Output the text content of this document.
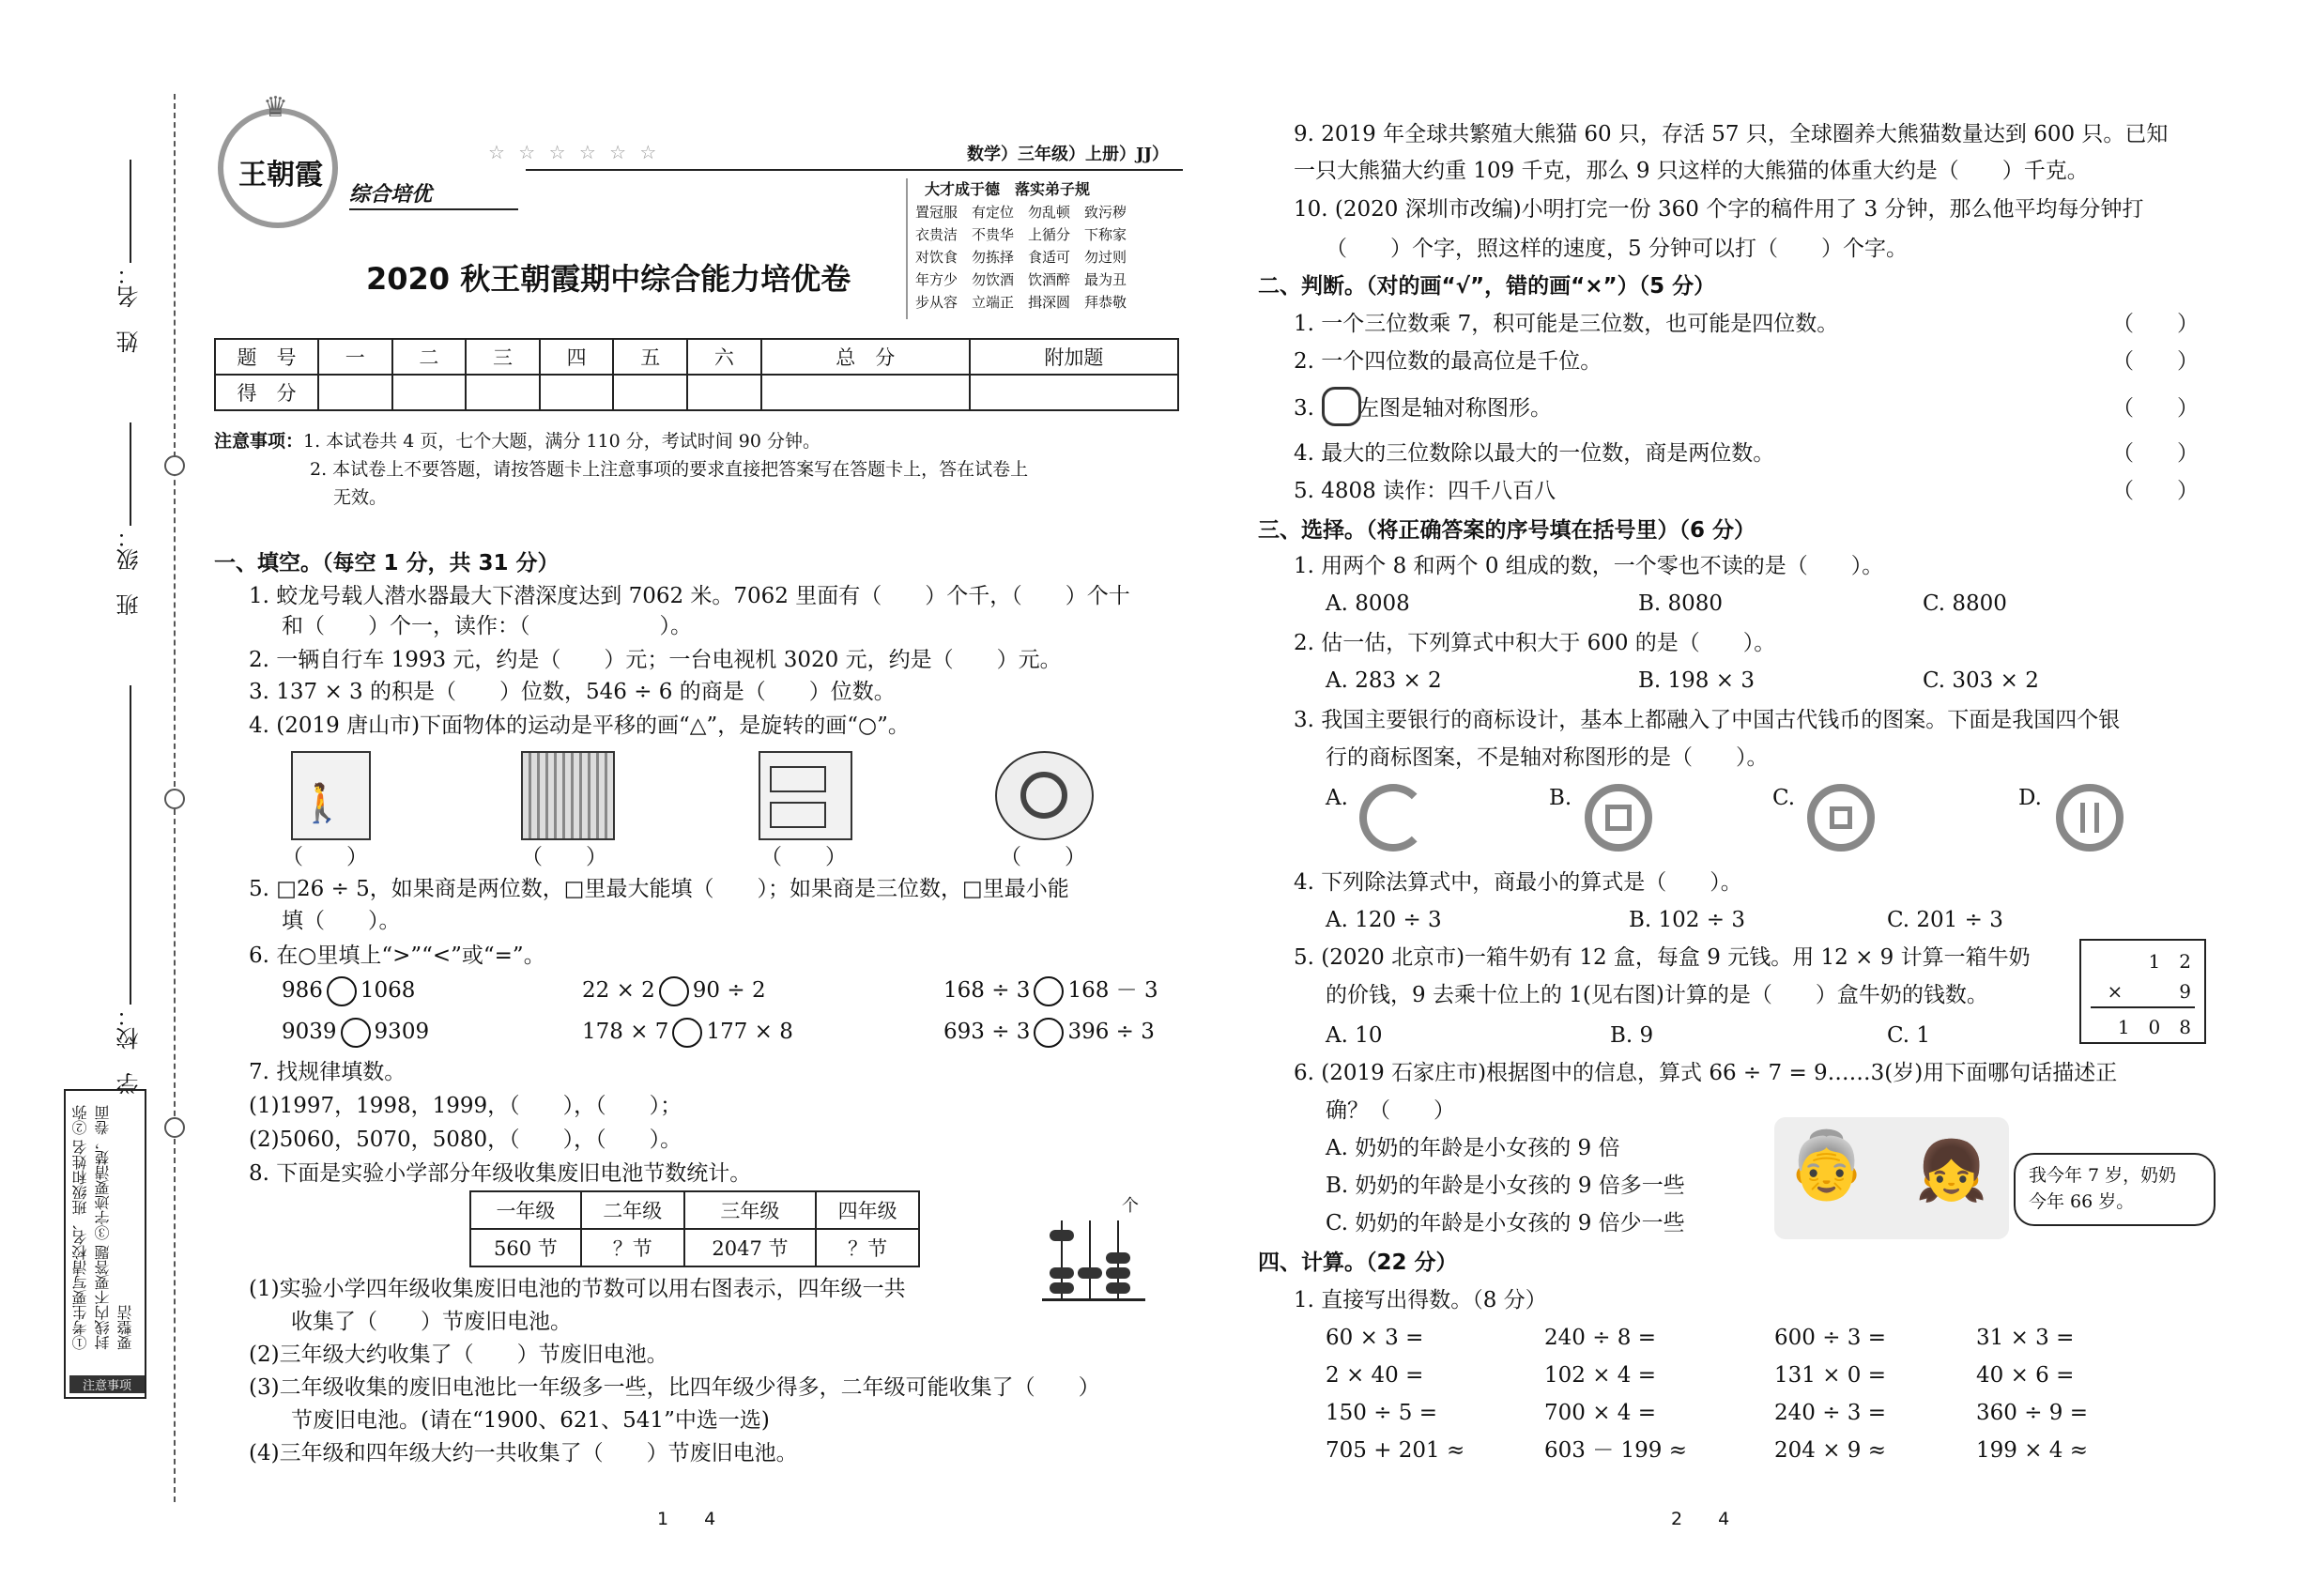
姓　名：
班　级：
学　校：
①考生要写清校名、班级和姓名 ②弥封线内不要答题 ③字迹要清楚，卷面要整洁
注意事项
♛
王朝霞
综合培优
☆ ☆ ☆ ☆ ☆ ☆	数学）三年级）上册）JJ）
2020 秋王朝霞期中综合能力培优卷
大才成于德　落实弟子规
置冠服　有定位　勿乱顿　致污秽
衣贵洁　不贵华　上循分　下称家
对饮食　勿拣择　食适可　勿过则
年方少　勿饮酒　饮酒醉　最为丑
步从容　立端正　揖深圆　拜恭敬
题　号	一	二	三	四	五	六	总　分	附加题
得　分								
注意事项：1. 本试卷共 4 页，七个大题，满分 110 分，考试时间 90 分钟。
2. 本试卷上不要答题，请按答题卡上注意事项的要求直接把答案写在答题卡上，答在试卷上
无效。
一、填空。（每空 1 分，共 31 分）
1. 蛟龙号载人潜水器最大下潜深度达到 7062 米。7062 里面有（　　）个千，（　　）个十
和（　　）个一，读作：（　　　　　　）。
2. 一辆自行车 1993 元，约是（　　）元；一台电视机 3020 元，约是（　　）元。
3. 137 × 3 的积是（　　）位数，546 ÷ 6 的商是（　　）位数。
4. (2019 唐山市)下面物体的运动是平移的画“△”，是旋转的画“○”。
🚶
（　　）	（　　）	（　　）	（　　）
5. □26 ÷ 5，如果商是两位数，□里最大能填（　　）；如果商是三位数，□里最小能
填（　　）。
6. 在○里填上“>”“<”或“=”。
986 1068	22 × 2 90 ÷ 2	168 ÷ 3 168 － 3
9039 9309	178 × 7 177 × 8	693 ÷ 3 396 ÷ 3
7. 找规律填数。
(1)1997，1998，1999，（　　），（　　）；
(2)5060，5070，5080，（　　），（　　）。
8. 下面是实验小学部分年级收集废旧电池节数统计。
一年级	二年级	三年级	四年级
560 节	？节	2047 节	？节
个
(1)实验小学四年级收集废旧电池的节数可以用右图表示，四年级一共
收集了（　　）节废旧电池。
(2)三年级大约收集了（　　）节废旧电池。
(3)二年级收集的废旧电池比一年级多一些，比四年级少得多，二年级可能收集了（　　）
节废旧电池。(请在“1900、621、541”中选一选)
(4)三年级和四年级大约一共收集了（　　）节废旧电池。
1　　4
9. 2019 年全球共繁殖大熊猫 60 只，存活 57 只，全球圈养大熊猫数量达到 600 只。已知
一只大熊猫大约重 109 千克，那么 9 只这样的大熊猫的体重大约是（　　）千克。
10. (2020 深圳市改编)小明打完一份 360 个字的稿件用了 3 分钟，那么他平均每分钟打
（　　）个字，照这样的速度，5 分钟可以打（　　）个字。
二、判断。（对的画“√”，错的画“×”）（5 分）
1. 一个三位数乘 7，积可能是三位数，也可能是四位数。	（　　）
2. 一个四位数的最高位是千位。	（　　）
3.　　左图是轴对称图形。	（　　）
4. 最大的三位数除以最大的一位数，商是两位数。	（　　）
5. 4808 读作：四千八百八	（　　）
三、选择。（将正确答案的序号填在括号里）（6 分）
1. 用两个 8 和两个 0 组成的数，一个零也不读的是（　　）。
A. 8008	B. 8080	C. 8800
2. 估一估，下列算式中积大于 600 的是（　　）。
A. 283 × 2	B. 198 × 3	C. 303 × 2
3. 我国主要银行的商标设计，基本上都融入了中国古代钱币的图案。下面是我国四个银
行的商标图案，不是轴对称图形的是（　　）。
A.	B.	C.	D.
4. 下列除法算式中，商最小的算式是（　　）。
A. 120 ÷ 3	B. 102 ÷ 3	C. 201 ÷ 3
5. (2020 北京市)一箱牛奶有 12 盒，每盒 9 元钱。用 12 × 9 计算一箱牛奶
的价钱，9 去乘十位上的 1(见右图)计算的是（　　）盒牛奶的钱数。
A. 10	B. 9	C. 1
1　2
×　　　9
1　0　8
6. (2019 石家庄市)根据图中的信息，算式 66 ÷ 7 = 9……3(岁)用下面哪句话描述正
确？（　　）
A. 奶奶的年龄是小女孩的 9 倍
B. 奶奶的年龄是小女孩的 9 倍多一些
C. 奶奶的年龄是小女孩的 9 倍少一些
👵 👧 我今年 7 岁，奶奶
今年 66 岁。
四、计算。（22 分）
1. 直接写出得数。（8 分）
60 × 3 =	240 ÷ 8 =	600 ÷ 3 =	31 × 3 =
2 × 40 =	102 × 4 =	131 × 0 =	40 × 6 =
150 ÷ 5 =	700 × 4 =	240 ÷ 3 =	360 ÷ 9 =
705 + 201 ≈	603 － 199 ≈	204 × 9 ≈	199 × 4 ≈
2　　4
